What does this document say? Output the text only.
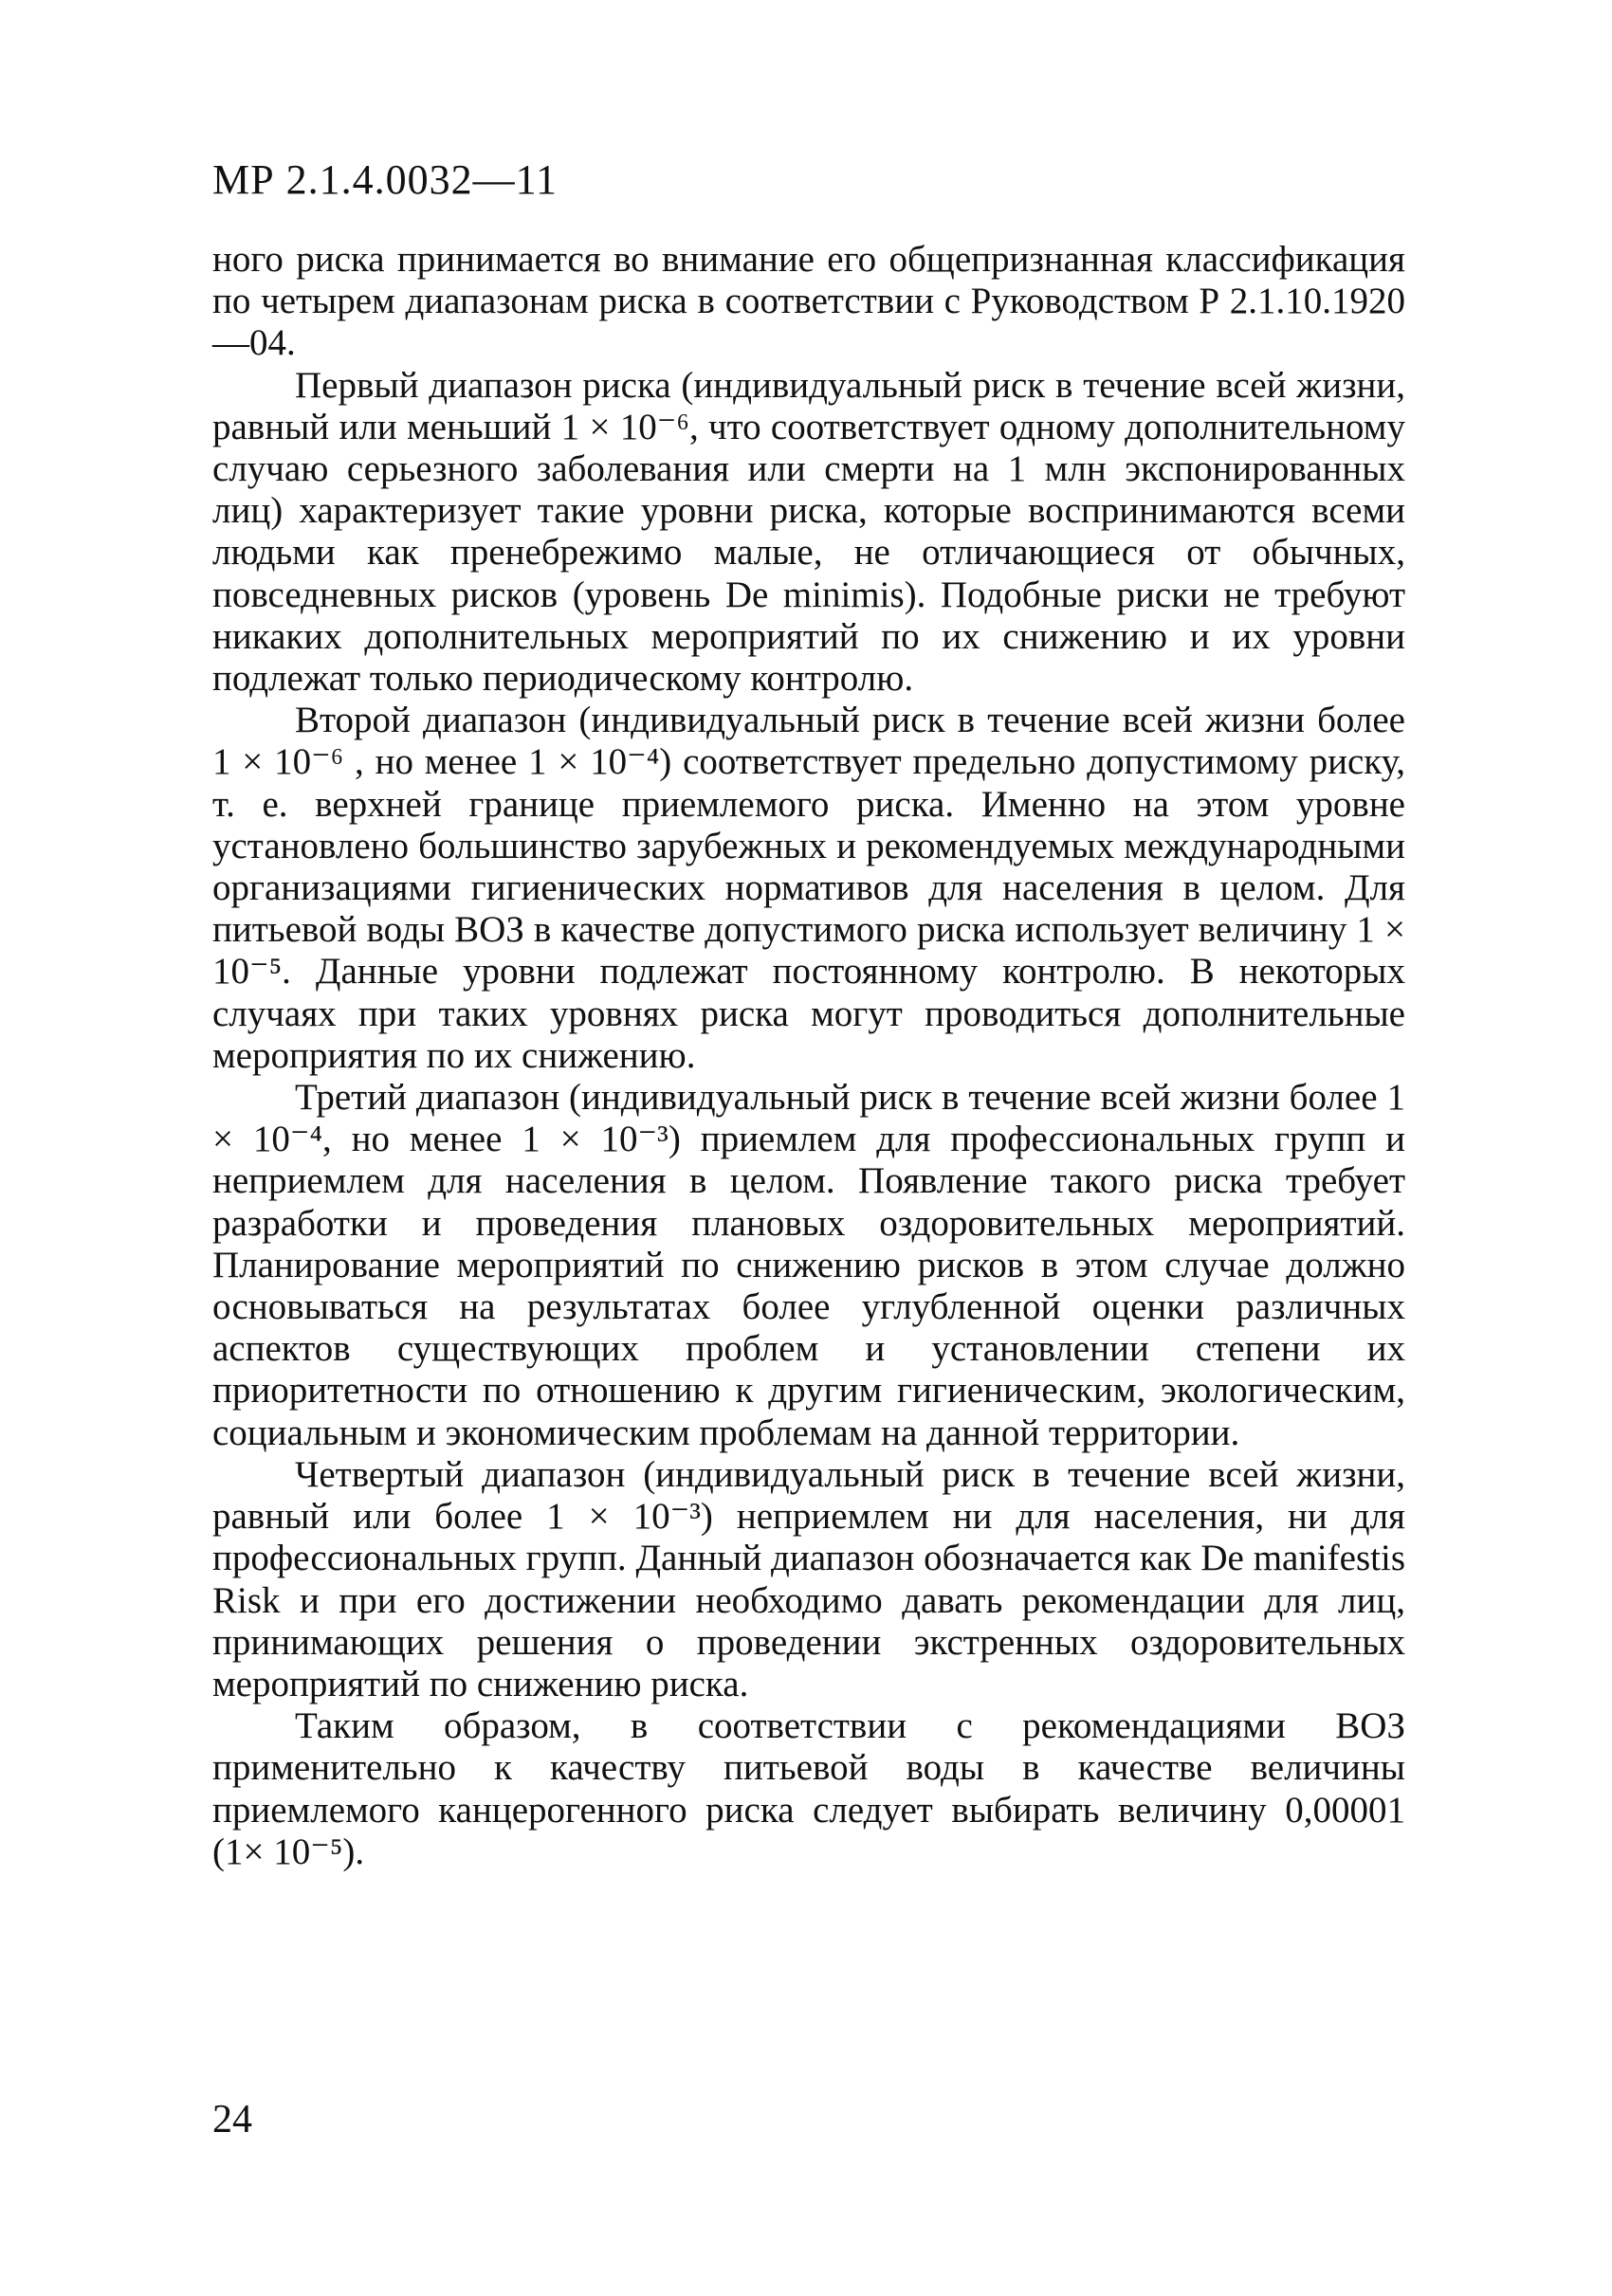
МР 2.1.4.0032—11

ного риска принимается во внимание его общепризнанная классификация по четырем диапазонам риска в соответствии с Руководством Р 2.1.10.1920—04.

Первый диапазон риска (индивидуальный риск в течение всей жизни, равный или меньший 1 × 10⁻⁶, что соответствует одному дополнительному случаю серьезного заболевания или смерти на 1 млн экспонированных лиц) характеризует такие уровни риска, которые воспринимаются всеми людьми как пренебрежимо малые, не отличающиеся от обычных, повседневных рисков (уровень De minimis). Подобные риски не требуют никаких дополнительных мероприятий по их снижению и их уровни подлежат только периодическому контролю.

Второй диапазон (индивидуальный риск в течение всей жизни более 1 × 10⁻⁶ , но менее 1 × 10⁻⁴) соответствует предельно допустимому риску, т. е. верхней границе приемлемого риска. Именно на этом уровне установлено большинство зарубежных и рекомендуемых международными организациями гигиенических нормативов для населения в целом. Для питьевой воды ВОЗ в качестве допустимого риска использует величину 1 × 10⁻⁵. Данные уровни подлежат постоянному контролю. В некоторых случаях при таких уровнях риска могут проводиться дополнительные мероприятия по их снижению.

Третий диапазон (индивидуальный риск в течение всей жизни более 1 × 10⁻⁴, но менее 1 × 10⁻³) приемлем для профессиональных групп и неприемлем для населения в целом. Появление такого риска требует разработки и проведения плановых оздоровительных мероприятий. Планирование мероприятий по снижению рисков в этом случае должно основываться на результатах более углубленной оценки различных аспектов существующих проблем и установлении степени их приоритетности по отношению к другим гигиеническим, экологическим, социальным и экономическим проблемам на данной территории.

Четвертый диапазон (индивидуальный риск в течение всей жизни, равный или более 1 × 10⁻³) неприемлем ни для населения, ни для профессиональных групп. Данный диапазон обозначается как De manifestis Risk и при его достижении необходимо давать рекомендации для лиц, принимающих решения о проведении экстренных оздоровительных мероприятий по снижению риска.

Таким образом, в соответствии с рекомендациями ВОЗ применительно к качеству питьевой воды в качестве величины приемлемого канцерогенного риска следует выбирать величину 0,00001 (1× 10⁻⁵).

24
